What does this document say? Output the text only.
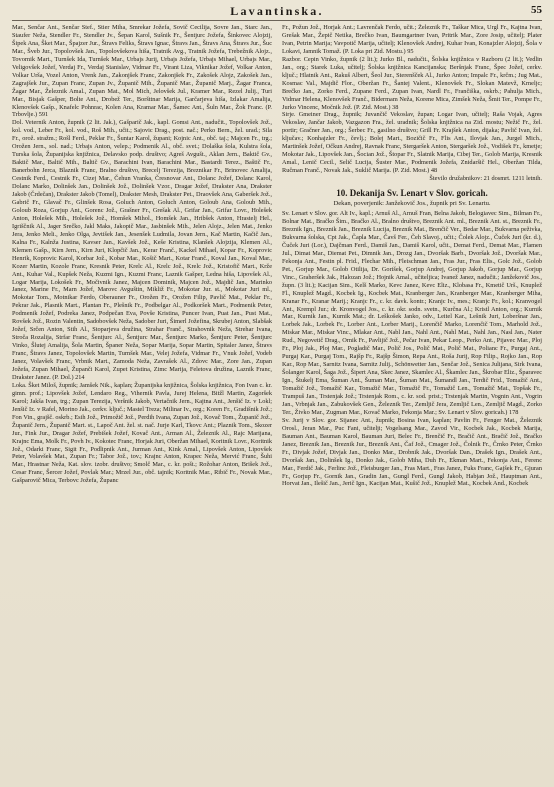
Lavantinska.	55

Mar., Senčar Ant., Senčar Stef., Stier Miha, Smrekar Jožefa, Sovič Cecilija, Sovre Jan., Starc Jan., Staufer Neža, Stendler Fr., Stendler Jv., Šepan Karol, Sušnik Fr., Šentjurc Jožefa, Šinkovec Alojzij, Šipek Ana, Šket Mar., Špajzer Jur., Štravs Feliks, Štravs Ignac, Štravs Jan., Štravs Ana, Štravs Jur., Šuc Mar., Šveb Jur., Topolovšek Jan., Topolovšekova hiša, Tratnik Avg., Tratnik Jožefa, Trebežnik Alojz., Tovornik Mart., Turnšek Ida, Turnšek Mar., Urbajs Jurij, Urbajs Jožefa, Urbajs Mihael, Urbajs Mar., Veligovšek Jožef, Verdaj Fr., Verdaj Stanislav, Vidmar Fr., Virant Liza, Viknikar Jožef, Volkar Anton, Volkar Urša, Vozel Anton, Vrenk Jan., Zakonjšek Franc, Zakonjšek Fr., Zakošek Alojz, Zakošek Jan., Zagrajšek Jur., Zupan Franc, Zupan Jv., Županič Mih., Županič Mar., Županič Marj., Žagar Franca, Žagar Mar., Železnik Amal., Zupan Mat., Mol Mich, Jelovšek Jul., Kramer Mar., Rezel Julij., Turi Mar., Bisjak Gašper, Bolte Ant., Drobež Ter., Boršttnar Marija, Garčarjeva hiša, Izlakar Amalija, Klenovšek Gašp., Knafelc Pohnrac, Kolen Ana, Kramar Mar., Šamec Ant., Šuln Mar., Žok Franc. (P. Trbovlje.) 591

Dol. Veternik Anton, župnik (2 lit. Jak.), Gašparič Jak., kapl. Gomsi Ant., nadučit., Topolovšek Jož., kol. vod., Leber Fr., kol. vod., Roš Mih., učit.; Sajovic Drag., post. nač.; Perko Bern., žel. urad.; Sila Fr., orož. stražm.; Rošl Ferd., Peklar Fr., Šuntar Karol, župani; Kojnic Ant., obč. taj.; Majcen Fr., trg.; Orožen Jern., sol. nad.; Urbajs Anton, velep.; Podmenik Al., obč. svet.; Dolaška šola, Kulstra šola, Turska šola, Županijska knjižnica, Delavsko podp. društvo; Agreš Avgušt., Aklan Jern., Baktič Gv., Baktič Mar., Baltič Mih., Baltič Gv., Barachini Ivan, Barachini Mar., Bastardi Terez., Baštič Fr., Banerbohn Jerca, Blaznik Franc, Bralno društvo, Brecelj Terezija, Breznikar Fr., Brinovec Amalija, Cestnik Ferd., Cestnik Fr., Cizej Mar., Čehun Vranka, Čresnovar Ant., Dolanc Jožef, Dolanc Karol, Dolanc Marko, Dolinšek Jan., Dolinšek Jož., Dolinšek Vzor., Dragar Jožef, Drakster Ana, Drakster Jakob (Črdečan), Drakster Jakob (Tomel), Drakster Mesh, Drakster Pet., Draovšek Ana, Gaberšek Jož., Gabrič Fr., Glavač Fr., Glinšek Rosa, Goluch Anton, Goluch Anton, Goloub Ana, Goloub Mih., Goloub Roza, Gorjup Ant., Gorenc Jož., Grašner Fr., Grešak Al., Grifar Jan., Grifar Lovr., Holešek Anton, Holešek Mih., Holešek Jož., Homšek Mihol., Homšek Jan., Hribšek Anton, Hrastelj Hel., Igriščnik Al., Jager Srečko, Jakl Maks, Jakopič Mar., Jasbinšek Mih., Jelen Alojz., Jelen Mat., Jenko Jera, Jenko Meli., Jenko Olga, Jevtišek Jan., Jesenšek Ludmila, Jovan Jern., Kač Martin, Kačič Jan., Kalna Fr., Kalnža Justina, Kavser Jan., Kavšek Jož., Keše Kristina, Klanšek Alojzija, Klemen Al., Klemen Gašp., Kirn Jern., Kirn Juri, Klopčič Jan., Kerar Franč., Kackel Mihael, Kopar Fr., Koprovic Henrik, Koprovic Karol, Korbar Jož., Kobar Mar., Košič Mart., Kotar Franč., Koval Jan., Koval Mar., Kozer Martin, Kozole Franc, Kresnik Peter, Krelc Al., Krelc Jož., Krelc Jož., Kristofič Mart., Krže Ant., Kuhar Val., Kupšek Neža, Kuzmi Ign., Kuzmi Franc, Laznik Gašper, Ledna hiša, Lipovšek Al., Logar Marija, Lokošek Fr., Močivnik Janez, Majcen Dominik, Majcen Jož., Majdič Jan., Marinko Janez, Marine Fr., Marn Jožef, Marovc Avguštin, Mikliž Fr., Mokotar Jur. st., Mokotar Juri ml., Mokotar Tom., Motnikar Ferdo, Oberauner Fr., Orožen Fr., Orožen Filip, Pavlič Mat., Peklar Fr., Pekrar Jak., Plasnik Mart., Plantan Fr., Plešnik Fr., Podbelgar Al., Podkoršek Mart., Podmenik Peter, Podmenik Jožef, Podreka Janez, Podpečan Eva, Povše Kristina, Puncer Ivan, Puat Jan., Pust Mat., Rovšek Jož., Rozin Valentin, Sadobovšek Neža, Sadober Juri, Šimerl Jožefina, Skrubej Anton, Slabšak Jožef, Srčen Anton, Stih Al., Stoparjeva družina, Strahar Franč., Strahovnik Neža, Strehar Ivana, Stroča Rozalija, Strfar Franc, Šentjurc Al., Šentjurc Mar., Šentjurc Marko, Šentjurc Peter, Šentjurc Vinko, Šlutej Amalija, Šola Martin, Španer Neža, Sopar Marija, Sopar Martin, Spitaler Janez, Štravs Franc, Štravs Janez, Topolovšek Martin, Turnšek Mar., Velej Jožefa, Vidmar Fr., Vnuk Jožef, Vodeb Janez, Volavšek Franc, Vrbnik Mart., Zamoda Neža, Zavrašek Al., Zdovc Mar., Zore Jan., Zupan Jožefa, Zupan Mihael, Županči Karol, Zupet Kristina, Zimc Marija, Feletova družina, Laznik Franc, Drakster Janez. (P. Dol.) 214

Loka. Šket Miloš, župnik; Jamšek Nik., kaplan; Županijska knjižnica, Šolska knjižnica, Fon Ivan c. kr. gimn. prof.; Lipovšek Jožef, Lendaro Reg., Vihernik Pavla, Jurej Helena, Bitžl Martin, Zagoršek Karol; Jakša Ivan, trg.; Zupan Terezija, Veršnik Jakob, Vertačnik Jern., Kajtna Ant., Jenšič Iz. v Lokl; Jenšič Iz. v Rafel, Morino Jak., cerkv. ključ.; Mastel Treza; Milinar Iv., org.; Koren Fr., Gradišnik Jož.; Fon Vin., grajšč. oskrb.; Esih Jož., Primožič Jož., Perdih Ivana, Zupan Jož., Kovač Tom., Županič Jož., Županič Jern., Županič Mart. st., Lapoč Ant. žel. st. nač. Jurje Karl, Tkovc Ant.; Plaznik Tom., Skozer Jur., Fink Jur., Dragar Jožef, Prebišek Jožef, Kovač Ant., Arman Al., Železnik Al., Rajc Marijana, Krajnc Ema, Molk Fr., Povh Iv., Kokotec Franc, Horjak Juri, Oberžan Mihael, Koritnik Lovr., Koritnik Jož., Odarki Franc, Sigit Fr., Podlipnik Ant., Jurman Ant., Kink Amal., Lipovšek Anton, Lipovšek Peter, Volavšek Mat., Zupan Fr.; Tabor Jož., tov.; Krajnc Anton, Krapec Neža, Mervić Franc, Šuhi Mar., Hrastnar Neža, Kat. slov. izobr. društvo; Smolč Mar., c. kr. pošt.; Rožohar Anton, Brišek Jož., Cesar Franc, Šercer Jožef, Povlak Mar.; Mrzel Jur., obč. tajnik; Koritnik Mar., Ribič Fr., Novak Mar., Gašparovič Mica, Terbovc Jožefa, Županc

Fr., Požun Jož., Horjak Ant.; Lavrenčak Ferdo, učit.; Železnik Fr., Taškar Mica, Urgl Fr., Kajtna Ivan, Grešak Mar., Žepič Netika, Brečko Ivan, Baumgartner Ivan, Pritrik Mar., Zore Josip, učitelj; Plater Ivan, Petrin Marija; Vavpotič Marija, učitelj; Klenovšek Andrej, Kuhar Ivan, Konajzler Alojzij, Šola v Lokavi, Jamnik Tomaž. (P. Loka pri Zid. Mostu.) 95

Razbor. Cepin Vinko, župnik (2 lit.); Jurko Bl., nadučit., Šolska knjižnica v Razboru (2 lit.); Vedlin Jan., org.; Starek Luka, učitelj; Šolska knjižnica Kancijanska; Beršnjak Franc, Špec Jožef, cerkv. ključ.; Hlatnik Ant., Rakuš Albert, Šeol Jur., Sterenšček Al., Jurko Anton; Impalc Fr., krčm.; Jug Mat., Kosmac Val., Majdič Flor., Oberžan Fr., Šantej Valent., Klenovšek Fr., Slokan Matevž, Krneljc; Brečko Jan., Zorko Ferd., Zupane Ferd., Zupan Ivan, Nardl Fr., Frančiška, oskrb.; Pahulja Mich., Vidmar Helena, Klenovšek Franč., Bidermam Neža, Korene Mica, Zimšek Neža, Šmit Ter., Pompe Fr., Jurko Vincenc, Močnik Jož. (P. Zid. Most.) 38

Sirje. Gmeiner Drag., župnik; Juvančič Vekoslav, župan; Logar Ivan, učitelj; Raša Vojak, Agres Vekoslav, Jančar Jakob, Vazgazon Fra., žel. uradnik; Šolska knjižnica na Zid. mostu; Nežič Fr., žel. portir; Gračner Jan., org.; Šerbec Fr., gasilno društvo; Grill Fr. Krajšek Anton, dijaka; Pavlič Ivan, žel. ključav.; Konhajzler Fr., čevlj.; Bolej Mart., Bozičič Fr., Flis Ant., Ilovjak Jan., Jurgel Mich., Martinšek Jožef, Očkun Andrej, Ravnak Franc, Stergaršek Anton, Stergaršek Jož., Vodišek Fr., kmetje; Mokotar Jak., Lipovšek Jan., Šocian Jož., Štopar Fr., Slatnik Marija, Cibej Ter., Golob Marija, Kresnik Amal., Lenič Cecil., Selič Lucija, Šuster Mar., Podmenik Jožefa, Znidaršič Hel., Oberžan Tilda, Ručman Franč., Novak Jak., Suklič Marija. (P. Zid. Most.) 48

Število družabnikov: 21 dosmrt. 1211 letnih.

10. Dekanija Sv. Lenart v Slov. goricah.
Dekan, poverjenik: Janžekovič Jos., župnik pri Sv. Lenartu.

Sv. Lenart v Slov. gor. Alt Iv., kapl.; Arnuš Al., Arnuš Fran, Belna Jakob, Belogiavec Sim., Bilman Fr., Bolnar Mat., Bračko Šim., Bračko Al., Bralno društvo, Breznik Ant. ml., Breznik Ant. st., Breznik Fr., Breznik Ign., Breznik Jan., Breznik Lucija, Breznik Mat., Brenčič Ver., Bedar Mar., Bukvarna peživka, Bukvarna šolska, Cpt Jak., Čapla Mar., Čavš Fer., Čeh Slavoj., učit.; Čolek Alojz., Čuček Juri (kr. d.), Čuček Juri (Lor.), Dajčman Ferd., Damiš Jan., Damiš Karol, učit., Demat Ferd., Demat Mar., Flamen Jul., Dimat Mar., Diemat Pet., Dimnik Jan., Drozg Jan., Dvoršak Barb., Dvoršak Jož., Dvoršak Mar., Fekonja Ant., Festin pl. Frid., Flechar Mih., Fleischman Jan., Fras Jur., Fras Elis., Golc Jož., Golob Pet., Gorjup Mar., Golob Otilija, Dr. Gorišek, Gorjup Andrej, Gorjup Jakob, Gorjup Mar., Gorjup Vinc., Graheršek Jak., Halozan Jož.; Hojnik Amal., učiteljica; Ivanež Janez, nadučit.; Janžekovič Jos., župn. (3 lit.); Kacijan Sim., Kelš Marko, Kevc Janez, Kevc Eliz., Klobasa Fr., Kmetič Urš., Knuplež Fl., Knuplež Magd., Kocbek Ig., Kocbek Mat., Kranberger Jan., Kranberger Mar., Kranberger Miha, Kranar Fr., Kranar Marij.; Kranjc Fr., c. kr. davk. kontr.; Kranjc Iv., mes.; Kranjc Fr., kol.; Kranvogel Ant., Krempl Jur.; dr. Kronvogel Jos., c. kr. okr. sodn. svetn., Kurčna Al.; Kristl Anton, org.; Kurnik Mar., Kurnik Jan., Kurnik Mat.; dr. Leškošek Janko, odv., Leitel Kar., Lešnik Juri, Loberšnar Jan., Lorbek Jak., Lorbek Fr., Lorber Ant., Lorber Marij., Lorenčič Marko, Lorenčič Tom., Marhold Jož., Miskar Mar., Miskar Vinc., Mlakar Ant., Nabl Jan., Nahl Ant., Nahl Mat., Nahl Jan., Nasl Jan., Nater Rud., Negovetič Drag., Ornik Fr., Pavlijič Jož., Pečar Ivan, Pekar Leop., Perko Ant., Pijavec Mar., Ploj Fr., Ploj Jak., Ploj Mar., Pogladič Mar., Polič Jos., Polič Mat., Polič Mat., Polianc Fr., Purgaj Ant., Purgaj Kar., Purgaj Tom., Rajšp Fr., Rajšp Šimon, Repa Ant., Roša Jurij, Rop Filip., Rojko Jan., Rop Kar., Rop Mar., Sarnitz Ivana, Sarnitz Julij., Schönwetter Jan., Senčar Jož., Senica Julijana, Sirk Ivana, Šolanger Karol, Šaga Jož., Šipert Ana, Skec Janez, Skamlec Al., Škamlec Jan., Škrobar Eliz., Šparavec Ign., Štukelj Ema, Šuman Ant., Šuman Mar., Šuman Mat., Šumandl Jan., Terdič Frid., Tomažič Ant., Tomažič Jož., Tomažič Kar., Tomažič Mar., Tomažič Fr., Tomažič Len., Tomažič Mat., Topšak Fr., Trampuš Jan., Trstenjak Jož.; Trstenjak Rom., c. kr. sod. prist.; Trstenjak Martin, Vognin Ant., Vogrin Jan., Vrbnjak Jan., Zabukovšek Gen., Železnik Ter., Zemljič Jera, Zemljič Len., Zemljič Magd., Zorko Ter., Živko Mar., Zugman Mar., Kovač Marko, Fekonja Mar.; Sv. Lenart v Slov. goricah.) 178

Sv. Jurij v Slov. gor. Sijanec Ant., župnik; Bosina Ivan, kaplan; Pavlin Fr., Fenger Mat., Železnik Orosl., Jeran Mar., Puc Fani, učitelji; Vogelsang Mar., Zavod Vir., Kocbek Jak., Kocbek Marija, Bauman Ant., Bauman Karol, Bauman Juri, Belec Fr., Brenčič Fr., Bračič Ant., Bračič Jož., Bračko Janez, Breznik Jan., Breznik Jur., Breznik Ant., Čaf Jož., Cmager Jož., Čolnik Fr., Črnko Peter, Črnko Fr., Divjak Jožef, Divjak Jan., Donko Mar., Drobnik Jak., Dvoršak Dan., Drašek Ign., Drašek Ant., Dvoršak Jan., Dolinšek Ig., Donko Jak., Golob Miha, Duh Fr., Ekman Mart., Fekonja Ant., Ferenc Mar., Ferdič Jak., Ferlinc Jož., Fleisburger Jan., Fras Mart., Fras Janez, Fuks Franc, Gajšek Fr., Gjuran Fr., Gorjup Fr., Gornik Jan., Gradin Jan., Gungl Ferd., Gungl Jakob, Habjan Jož., Hauptman Ant., Horvat Jan., Ilešič Jan., Jerič Ign., Kacijan Mat., Kušič Jož., Knuplež Mat., Kocbek And., Kocbek
